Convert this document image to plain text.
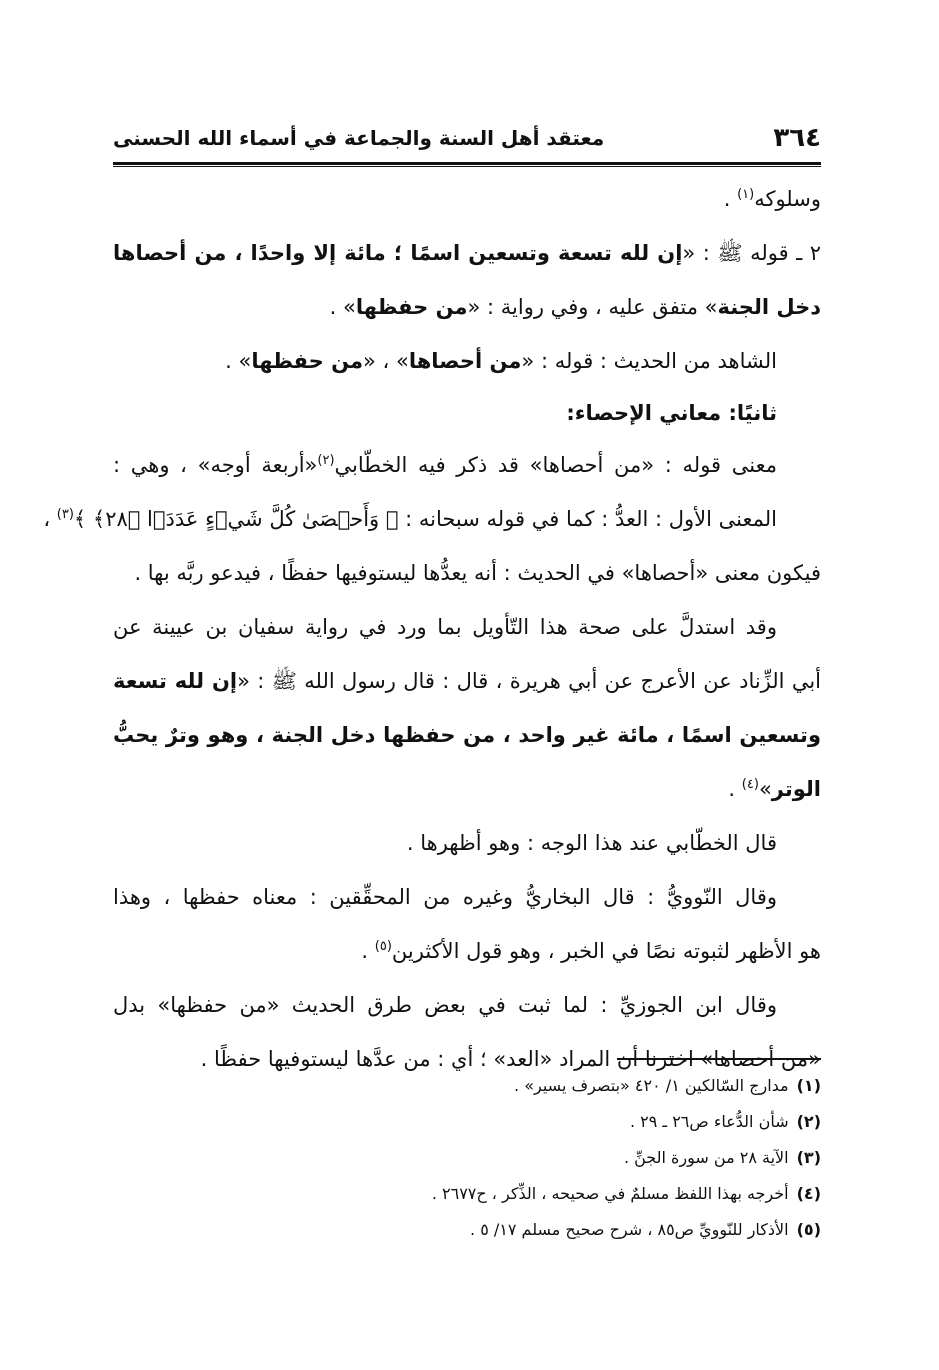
٣٦٤
معتقد أهل السنة والجماعة في أسماء الله الحسنى
وسلوكه$^{(١)}$ .
٢ ـ قوله ﷺ : «إن لله تسعة وتسعين اسمًا ؛ مائة إلا واحدًا ، من أحصاها
دخل الجنة» متفق عليه ، وفي رواية : «من حفظها» .
الشاهد من الحديث : قوله : «من أحصاها» ، «من حفظها» .
ثانيًا: معاني الإحصاء:
معنى قوله : «من أحصاها» قد ذكر فيه الخطّابي$^{(٢)}$«أربعة أوجه» ، وهي :
المعنى الأول : العدُّ : كما في قوله سبحانه : ﴿ وَأَحۡصَىٰ كُلَّ شَيۡءٍ عَدَدَۢا ﴿٢٨﴾ ﴾$^{(٣)}$ ،
فيكون معنى «أحصاها» في الحديث : أنه يعدُّها ليستوفيها حفظًا ، فيدعو ربَّه بها .
وقد استدلَّ على صحة هذا التّأويل بما ورد في رواية سفيان بن عيينة عن
أبي الزِّناد عن الأعرج عن أبي هريرة ، قال : قال رسول الله ﷺ : «إن لله تسعة
وتسعين اسمًا ، مائة غير واحد ، من حفظها دخل الجنة ، وهو وترٌ يحبُّ
الوتر»$^{(٤)}$ .
قال الخطّابي عند هذا الوجه : وهو أظهرها .
وقال النّوويُّ : قال البخاريُّ وغيره من المحقِّقين : معناه حفظها ، وهذا
هو الأظهر لثبوته نصًا في الخبر ، وهو قول الأكثرين$^{(٥)}$ .
وقال ابن الجوزيِّ : لما ثبت في بعض طرق الحديث «من حفظها» بدل
«من أحصاها» اخترنا أن المراد «العد» ؛ أي : من عدَّها ليستوفيها حفظًا .
(١)مدارج السّالكين ١/ ٤٢٠ «بتصرف يسير» .
(٢)شأن الدُّعاء ص٢٦ ـ ٢٩ .
(٣)الآية ٢٨ من سورة الجنِّ .
(٤)أخرجه بهذا اللفظ مسلمٌ في صحيحه ، الذِّكر ، ح٢٦٧٧ .
(٥)الأذكار للنّوويِّ ص٨٥ ، شرح صحيح مسلم ١٧/ ٥ .
